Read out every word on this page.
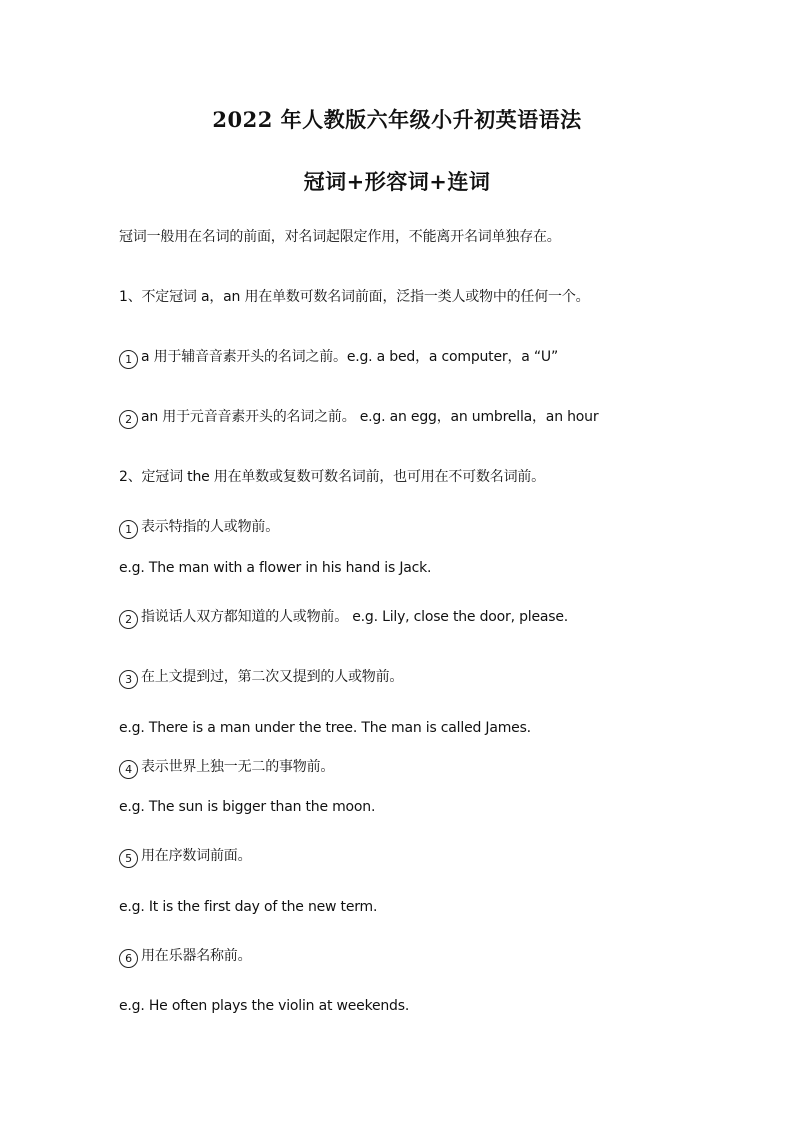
2022 年人教版六年级小升初英语语法
冠词+形容词+连词
冠词一般用在名词的前面，对名词起限定作用，不能离开名词单独存在。
1、不定冠词 a，an 用在单数可数名词前面，泛指一类人或物中的任何一个。
1 a 用于辅音音素开头的名词之前。e.g. a bed，a computer，a “U”
2 an 用于元音音素开头的名词之前。 e.g. an egg，an umbrella，an hour
2、定冠词 the 用在单数或复数可数名词前，也可用在不可数名词前。
1 表示特指的人或物前。
e.g. The man with a flower in his hand is Jack.
2 指说话人双方都知道的人或物前。 e.g. Lily, close the door, please.
3 在上文提到过，第二次又提到的人或物前。
e.g. There is a man under the tree. The man is called James.
4 表示世界上独一无二的事物前。
e.g. The sun is bigger than the moon.
5 用在序数词前面。
e.g. It is the first day of the new term.
6 用在乐器名称前。
e.g. He often plays the violin at weekends.
